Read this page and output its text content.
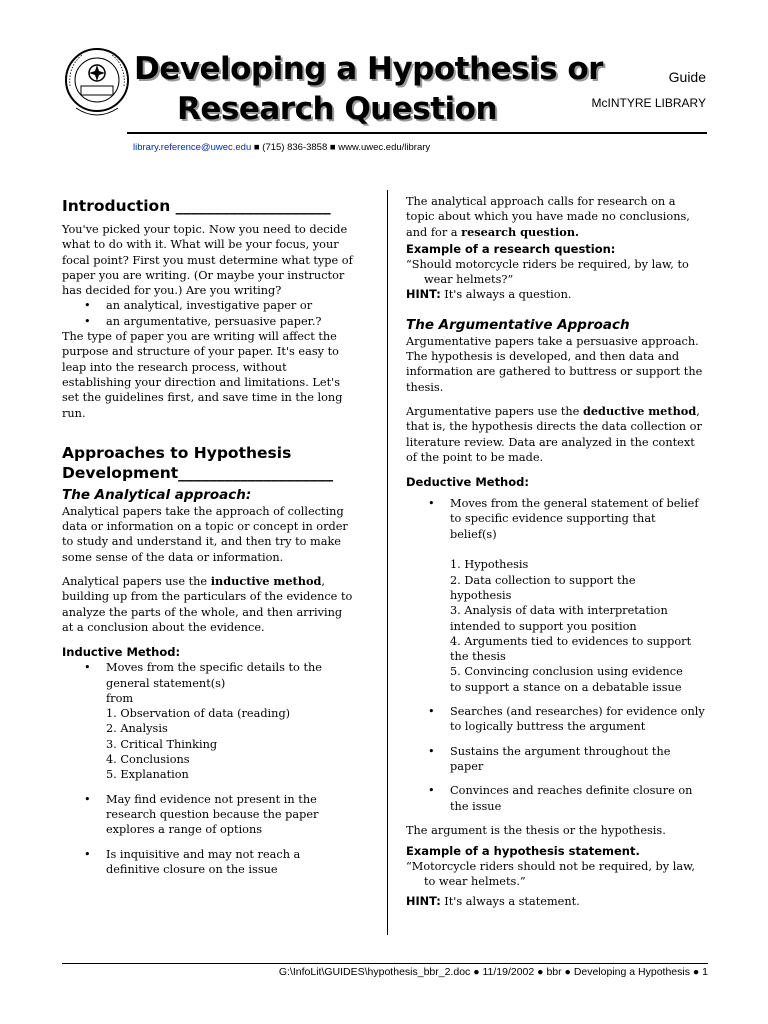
Developing a Hypothesis or
Research Question
Guide
McINTYRE LIBRARY
library.reference@uwec.edu ■ (715) 836-3858 ■ www.uwec.edu/library
Introduction ____________________

You've picked your topic. Now you need to decide what to do with it. What will be your focus, your focal point? First you must determine what type of paper you are writing. (Or maybe your instructor has decided for you.) Are you writing?

• an analytical, investigative paper or
• an argumentative, persuasive paper.?

The type of paper you are writing will affect the purpose and structure of your paper. It's easy to leap into the research process, without establishing your direction and limitations. Let's set the guidelines first, and save time in the long run.

Approaches to Hypothesis
Development____________________
The Analytical approach:

Analytical papers take the approach of collecting data or information on a topic or concept in order to study and understand it, and then try to make some sense of the data or information.

Analytical papers use the inductive method, building up from the particulars of the evidence to analyze the parts of the whole, and then arriving at a conclusion about the evidence.

Inductive Method:
• Moves from the specific details to the
general statement(s)
from
1. Observation of data (reading)
2. Analysis
3. Critical Thinking
4. Conclusions
5. Explanation
• May find evidence not present in the research question because the paper explores a range of options
• Is inquisitive and may not reach a definitive closure on the issue

The analytical approach calls for research on a topic about which you have made no conclusions, and for a research question.

Example of a research question:
“Should motorcycle riders be required, by law, to
wear helmets?”

HINT: It's always a question.

The Argumentative Approach

Argumentative papers take a persuasive approach. The hypothesis is developed, and then data and information are gathered to buttress or support the thesis.

Argumentative papers use the deductive method, that is, the hypothesis directs the data collection or literature review. Data are analyzed in the context of the point to be made.

Deductive Method:
• Moves from the general statement of belief
to specific evidence supporting that
belief(s)

1. Hypothesis
2. Data collection to support the
hypothesis
3. Analysis of data with interpretation
intended to support you position
4. Arguments tied to evidences to support
the thesis
5. Convincing conclusion using evidence
to support a stance on a debatable issue
• Searches (and researches) for evidence only to logically buttress the argument
• Sustains the argument throughout the paper
• Convinces and reaches definite closure on the issue

The argument is the thesis or the hypothesis.

Example of a hypothesis statement.
“Motorcycle riders should not be required, by law,
to wear helmets.”

HINT: It's always a statement.

G:\InfoLit\GUIDES\hypothesis_bbr_2.doc ● 11/19/2002 ● bbr ● Developing a Hypothesis ● 1
